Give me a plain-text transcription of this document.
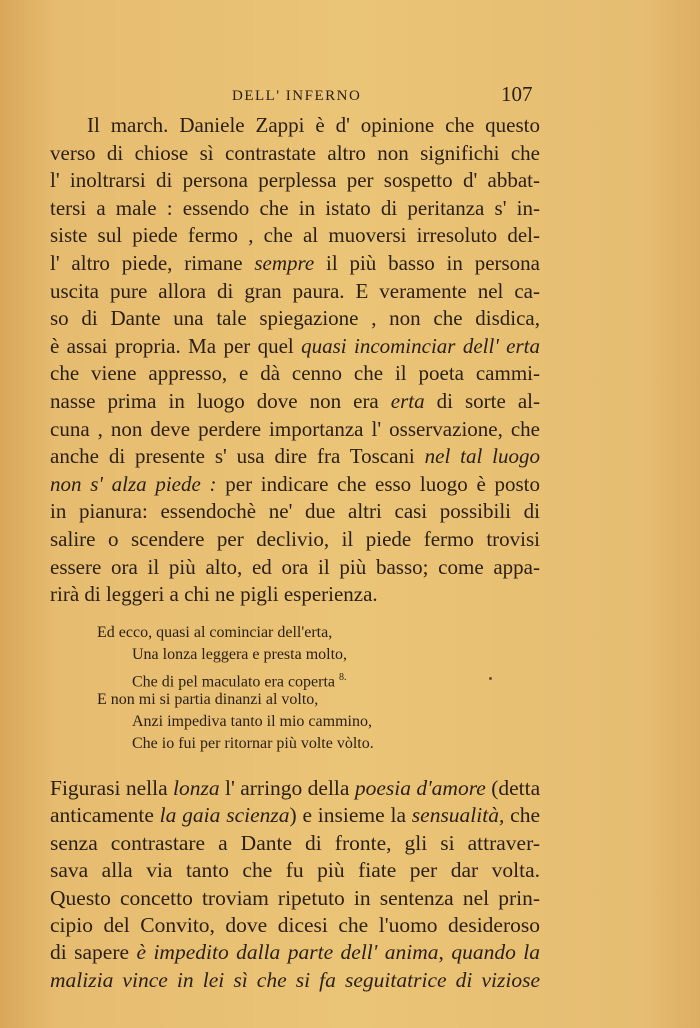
DELL' INFERNO	107
Il march. Daniele Zappi è d' opinione che questo
verso di chiose sì contrastate altro non significhi che
l' inoltrarsi di persona perplessa per sospetto d' abbat-
tersi a male : essendo che in istato di peritanza s' in-
siste sul piede fermo , che al muoversi irresoluto del-
l' altro piede, rimane sempre il più basso in persona
uscita pure allora di gran paura. E veramente nel ca-
so di Dante una tale spiegazione , non che disdica,
è assai propria. Ma per quel quasi incominciar dell' erta
che viene appresso, e dà cenno che il poeta cammi-
nasse prima in luogo dove non era erta di sorte al-
cuna , non deve perdere importanza l' osservazione, che
anche di presente s' usa dire fra Toscani nel tal luogo
non s' alza piede : per indicare che esso luogo è posto
in pianura: essendochè ne' due altri casi possibili di
salire o scendere per declivio, il piede fermo trovisi
essere ora il più alto, ed ora il più basso; come appa-
rirà di leggeri a chi ne pigli esperienza.
Ed ecco, quasi al cominciar dell'erta,
Una lonza leggera e presta molto,
Che di pel maculato era coperta $^{8.}$
E non mi si partia dinanzi al volto,
Anzi impediva tanto il mio cammino,
Che io fui per ritornar più volte vòlto.
Figurasi nella lonza l' arringo della poesia d'amore (detta
anticamente la gaia scienza) e insieme la sensualità, che
senza contrastare a Dante di fronte, gli si attraver-
sava alla via tanto che fu più fiate per dar volta.
Questo concetto troviam ripetuto in sentenza nel prin-
cipio del Convito, dove dicesi che l'uomo desideroso
di sapere è impedito dalla parte dell' anima, quando la
malizia vince in lei sì che si fa seguitatrice di viziose
